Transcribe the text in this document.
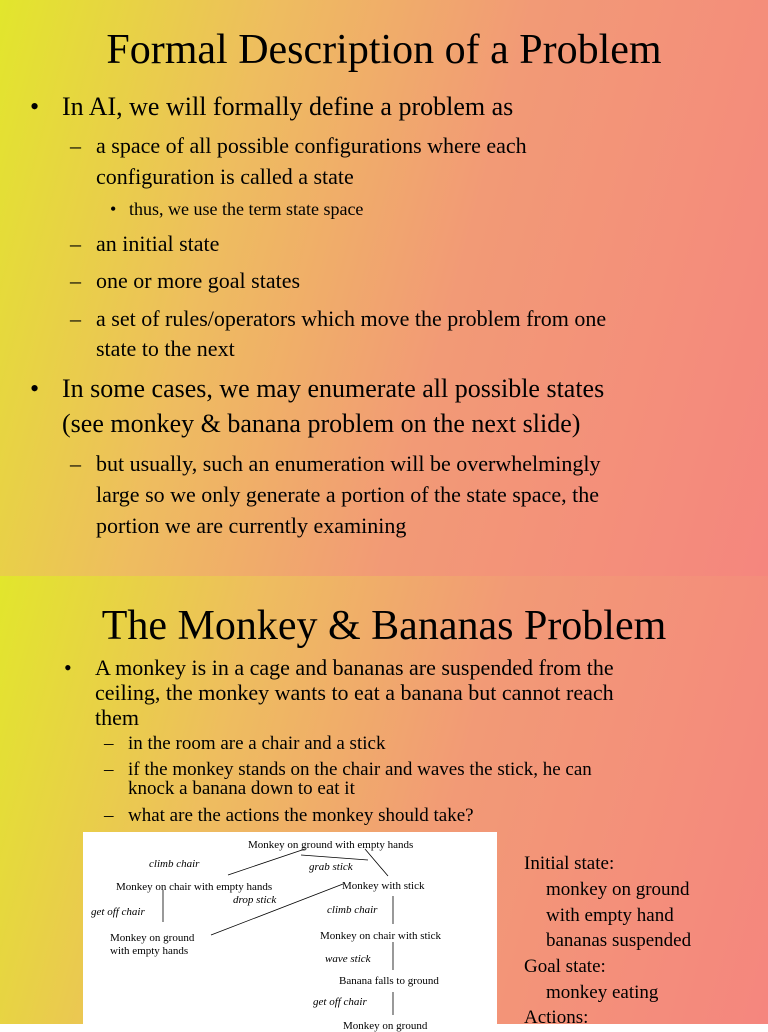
Formal Description of a Problem
• In AI, we will formally define a problem as
– a space of all possible configurations where each
configuration is called a state
• thus, we use the term state space
– an initial state
– one or more goal states
– a set of rules/operators which move the problem from one
state to the next
• In some cases, we may enumerate all possible states
(see monkey & banana problem on the next slide)
– but usually, such an enumeration will be overwhelmingly
large so we only generate a portion of the state space, the
portion we are currently examining
The Monkey & Bananas Problem
• A monkey is in a cage and bananas are suspended from the
ceiling, the monkey wants to eat a banana but cannot reach
them
– in the room are a chair and a stick
– if the monkey stands on the chair and waves the stick, he can
knock a banana down to eat it
– what are the actions the monkey should take?
Monkey on ground with empty hands
Monkey on chair with empty hands	Monkey with stick
Monkey on ground
with empty hands
Monkey on chair with stick
Banana falls to ground
Monkey on ground
climb chair	grab stick
drop stick
get off chair	climb chair
wave stick
get off chair
Initial state:
monkey on ground
with empty hand
bananas suspended
Goal state:
monkey eating
Actions:
